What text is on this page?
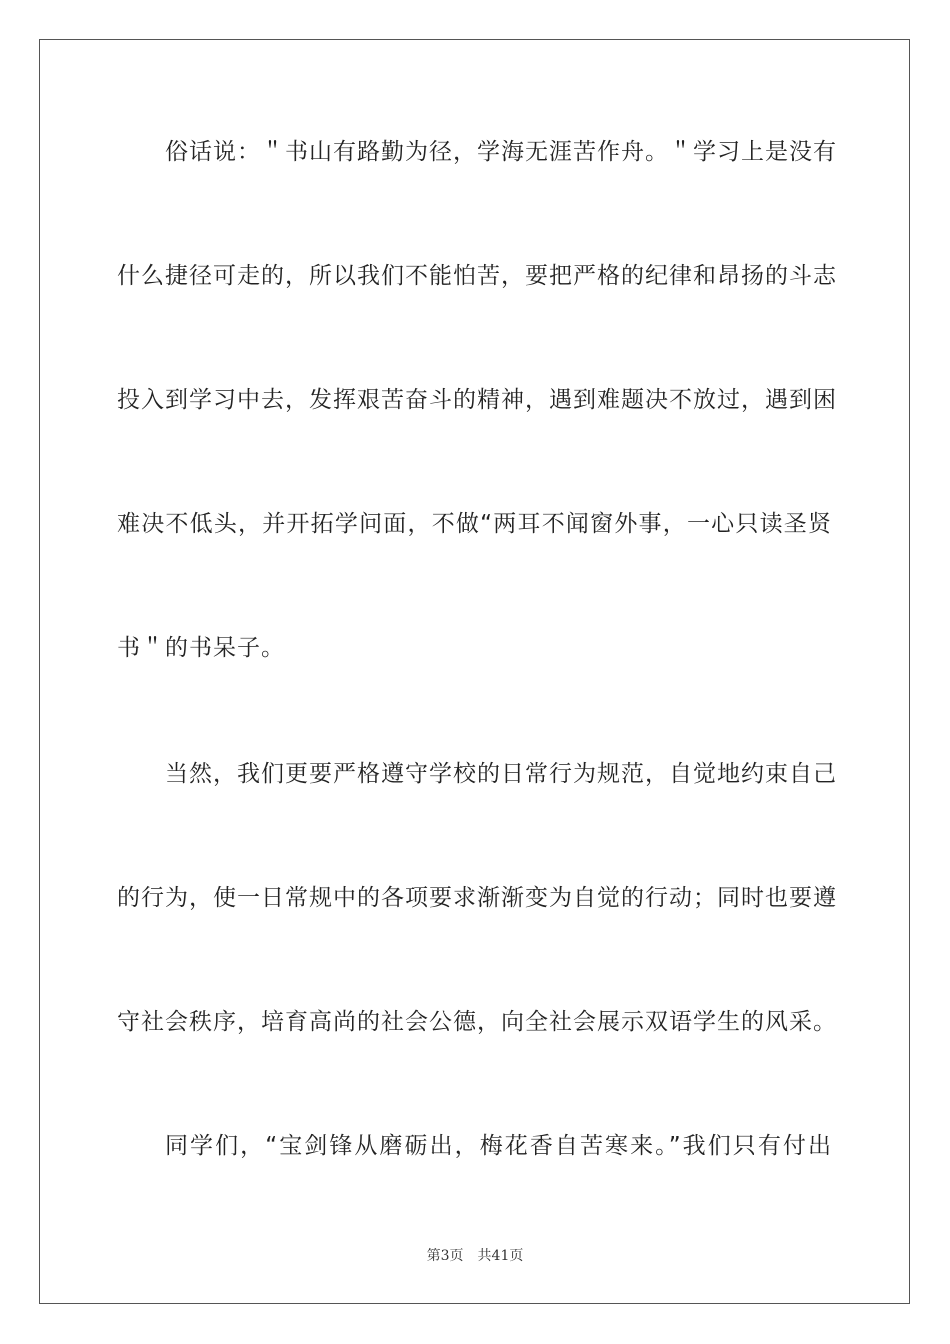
俗话说：＂书山有路勤为径，学海无涯苦作舟。＂学习上是没有
什么捷径可走的，所以我们不能怕苦，要把严格的纪律和昂扬的斗志
投入到学习中去，发挥艰苦奋斗的精神，遇到难题决不放过，遇到困
难决不低头，并开拓学问面，不做“两耳不闻窗外事，一心只读圣贤
书＂的书呆子。
当然，我们更要严格遵守学校的日常行为规范，自觉地约束自己
的行为，使一日常规中的各项要求渐渐变为自觉的行动；同时也要遵
守社会秩序，培育高尚的社会公德，向全社会展示双语学生的风采。
同学们，“宝剑锋从磨砺出，梅花香自苦寒来。”我们只有付出
第3页 共41页
